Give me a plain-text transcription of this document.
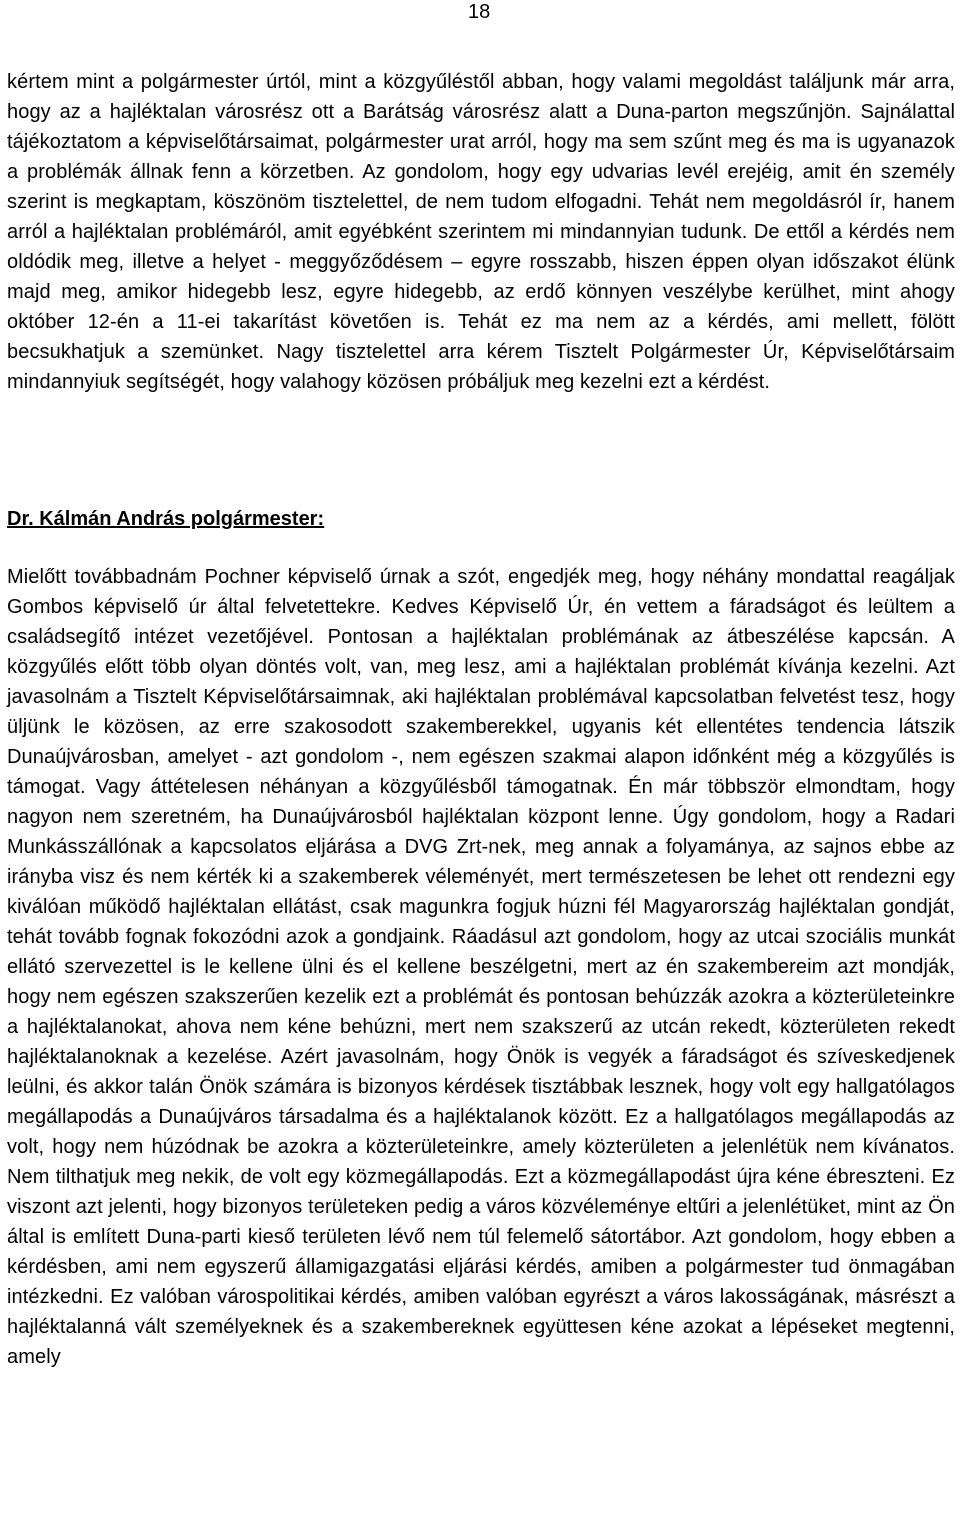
18

kértem mint a polgármester úrtól, mint a közgyűléstől abban, hogy valami megoldást találjunk már arra, hogy az a hajléktalan városrész ott a Barátság városrész alatt a Duna-parton megszűnjön. Sajnálattal tájékoztatom a képviselőtársaimat, polgármester urat arról, hogy ma sem szűnt meg és ma is ugyanazok a problémák állnak fenn a körzetben. Az gondolom, hogy egy udvarias levél erejéig, amit én személy szerint is megkaptam, köszönöm tisztelettel, de nem tudom elfogadni. Tehát nem megoldásról ír, hanem arról a hajléktalan problémáról, amit egyébként szerintem mi mindannyian tudunk. De ettől a kérdés nem oldódik meg, illetve a helyet - meggyőződésem – egyre rosszabb, hiszen éppen olyan időszakot élünk majd meg, amikor hidegebb lesz, egyre hidegebb, az erdő könnyen veszélybe kerülhet, mint ahogy október 12-én a 11-ei takarítást követően is. Tehát ez ma nem az a kérdés, ami mellett, fölött becsukhatjuk a szemünket. Nagy tisztelettel arra kérem Tisztelt Polgármester Úr, Képviselőtársaim mindannyiuk segítségét, hogy valahogy közösen próbáljuk meg kezelni ezt a kérdést.

Dr. Kálmán András polgármester:

Mielőtt továbbadnám Pochner képviselő úrnak a szót, engedjék meg, hogy néhány mondattal reagáljak Gombos képviselő úr által felvetettekre. Kedves Képviselő Úr, én vettem a fáradságot és leültem a családsegítő intézet vezetőjével. Pontosan a hajléktalan problémának az átbeszélése kapcsán. A közgyűlés előtt több olyan döntés volt, van, meg lesz, ami a hajléktalan problémát kívánja kezelni. Azt javasolnám a Tisztelt Képviselőtársaimnak, aki hajléktalan problémával kapcsolatban felvetést tesz, hogy üljünk le közösen, az erre szakosodott szakemberekkel, ugyanis két ellentétes tendencia látszik Dunaújvárosban, amelyet - azt gondolom -, nem egészen szakmai alapon időnként még a közgyűlés is támogat. Vagy áttételesen néhányan a közgyűlésből támogatnak. Én már többször elmondtam, hogy nagyon nem szeretném, ha Dunaújvárosból hajléktalan központ lenne. Úgy gondolom, hogy a Radari Munkásszállónak a kapcsolatos eljárása a DVG Zrt-nek, meg annak a folyamánya, az sajnos ebbe az irányba visz és nem kérték ki a szakemberek véleményét, mert természetesen be lehet ott rendezni egy kiválóan működő hajléktalan ellátást, csak magunkra fogjuk húzni fél Magyarország hajléktalan gondját, tehát tovább fognak fokozódni azok a gondjaink. Ráadásul azt gondolom, hogy az utcai szociális munkát ellátó szervezettel is le kellene ülni és el kellene beszélgetni, mert az én szakembereim azt mondják, hogy nem egészen szakszerűen kezelik ezt a problémát és pontosan behúzzák azokra a közterületeinkre a hajléktalanokat, ahova nem kéne behúzni, mert nem szakszerű az utcán rekedt, közterületen rekedt hajléktalanoknak a kezelése. Azért javasolnám, hogy Önök is vegyék a fáradságot és szíveskedjenek leülni, és akkor talán Önök számára is bizonyos kérdések tisztábbak lesznek, hogy volt egy hallgatólagos megállapodás a Dunaújváros társadalma és a hajléktalanok között. Ez a hallgatólagos megállapodás az volt, hogy nem húzódnak be azokra a közterületeinkre, amely közterületen a jelenlétük nem kívánatos. Nem tilthatjuk meg nekik, de volt egy közmegállapodás. Ezt a közmegállapodást újra kéne ébreszteni. Ez viszont azt jelenti, hogy bizonyos területeken pedig a város közvéleménye eltűri a jelenlétüket, mint az Ön által is említett Duna-parti kieső területen lévő nem túl felemelő sátortábor. Azt gondolom, hogy ebben a kérdésben, ami nem egyszerű államigazgatási eljárási kérdés, amiben a polgármester tud önmagában intézkedni. Ez valóban várospolitikai kérdés, amiben valóban egyrészt a város lakosságának, másrészt a hajléktalanná vált személyeknek és a szakembereknek együttesen kéne azokat a lépéseket megtenni, amely
